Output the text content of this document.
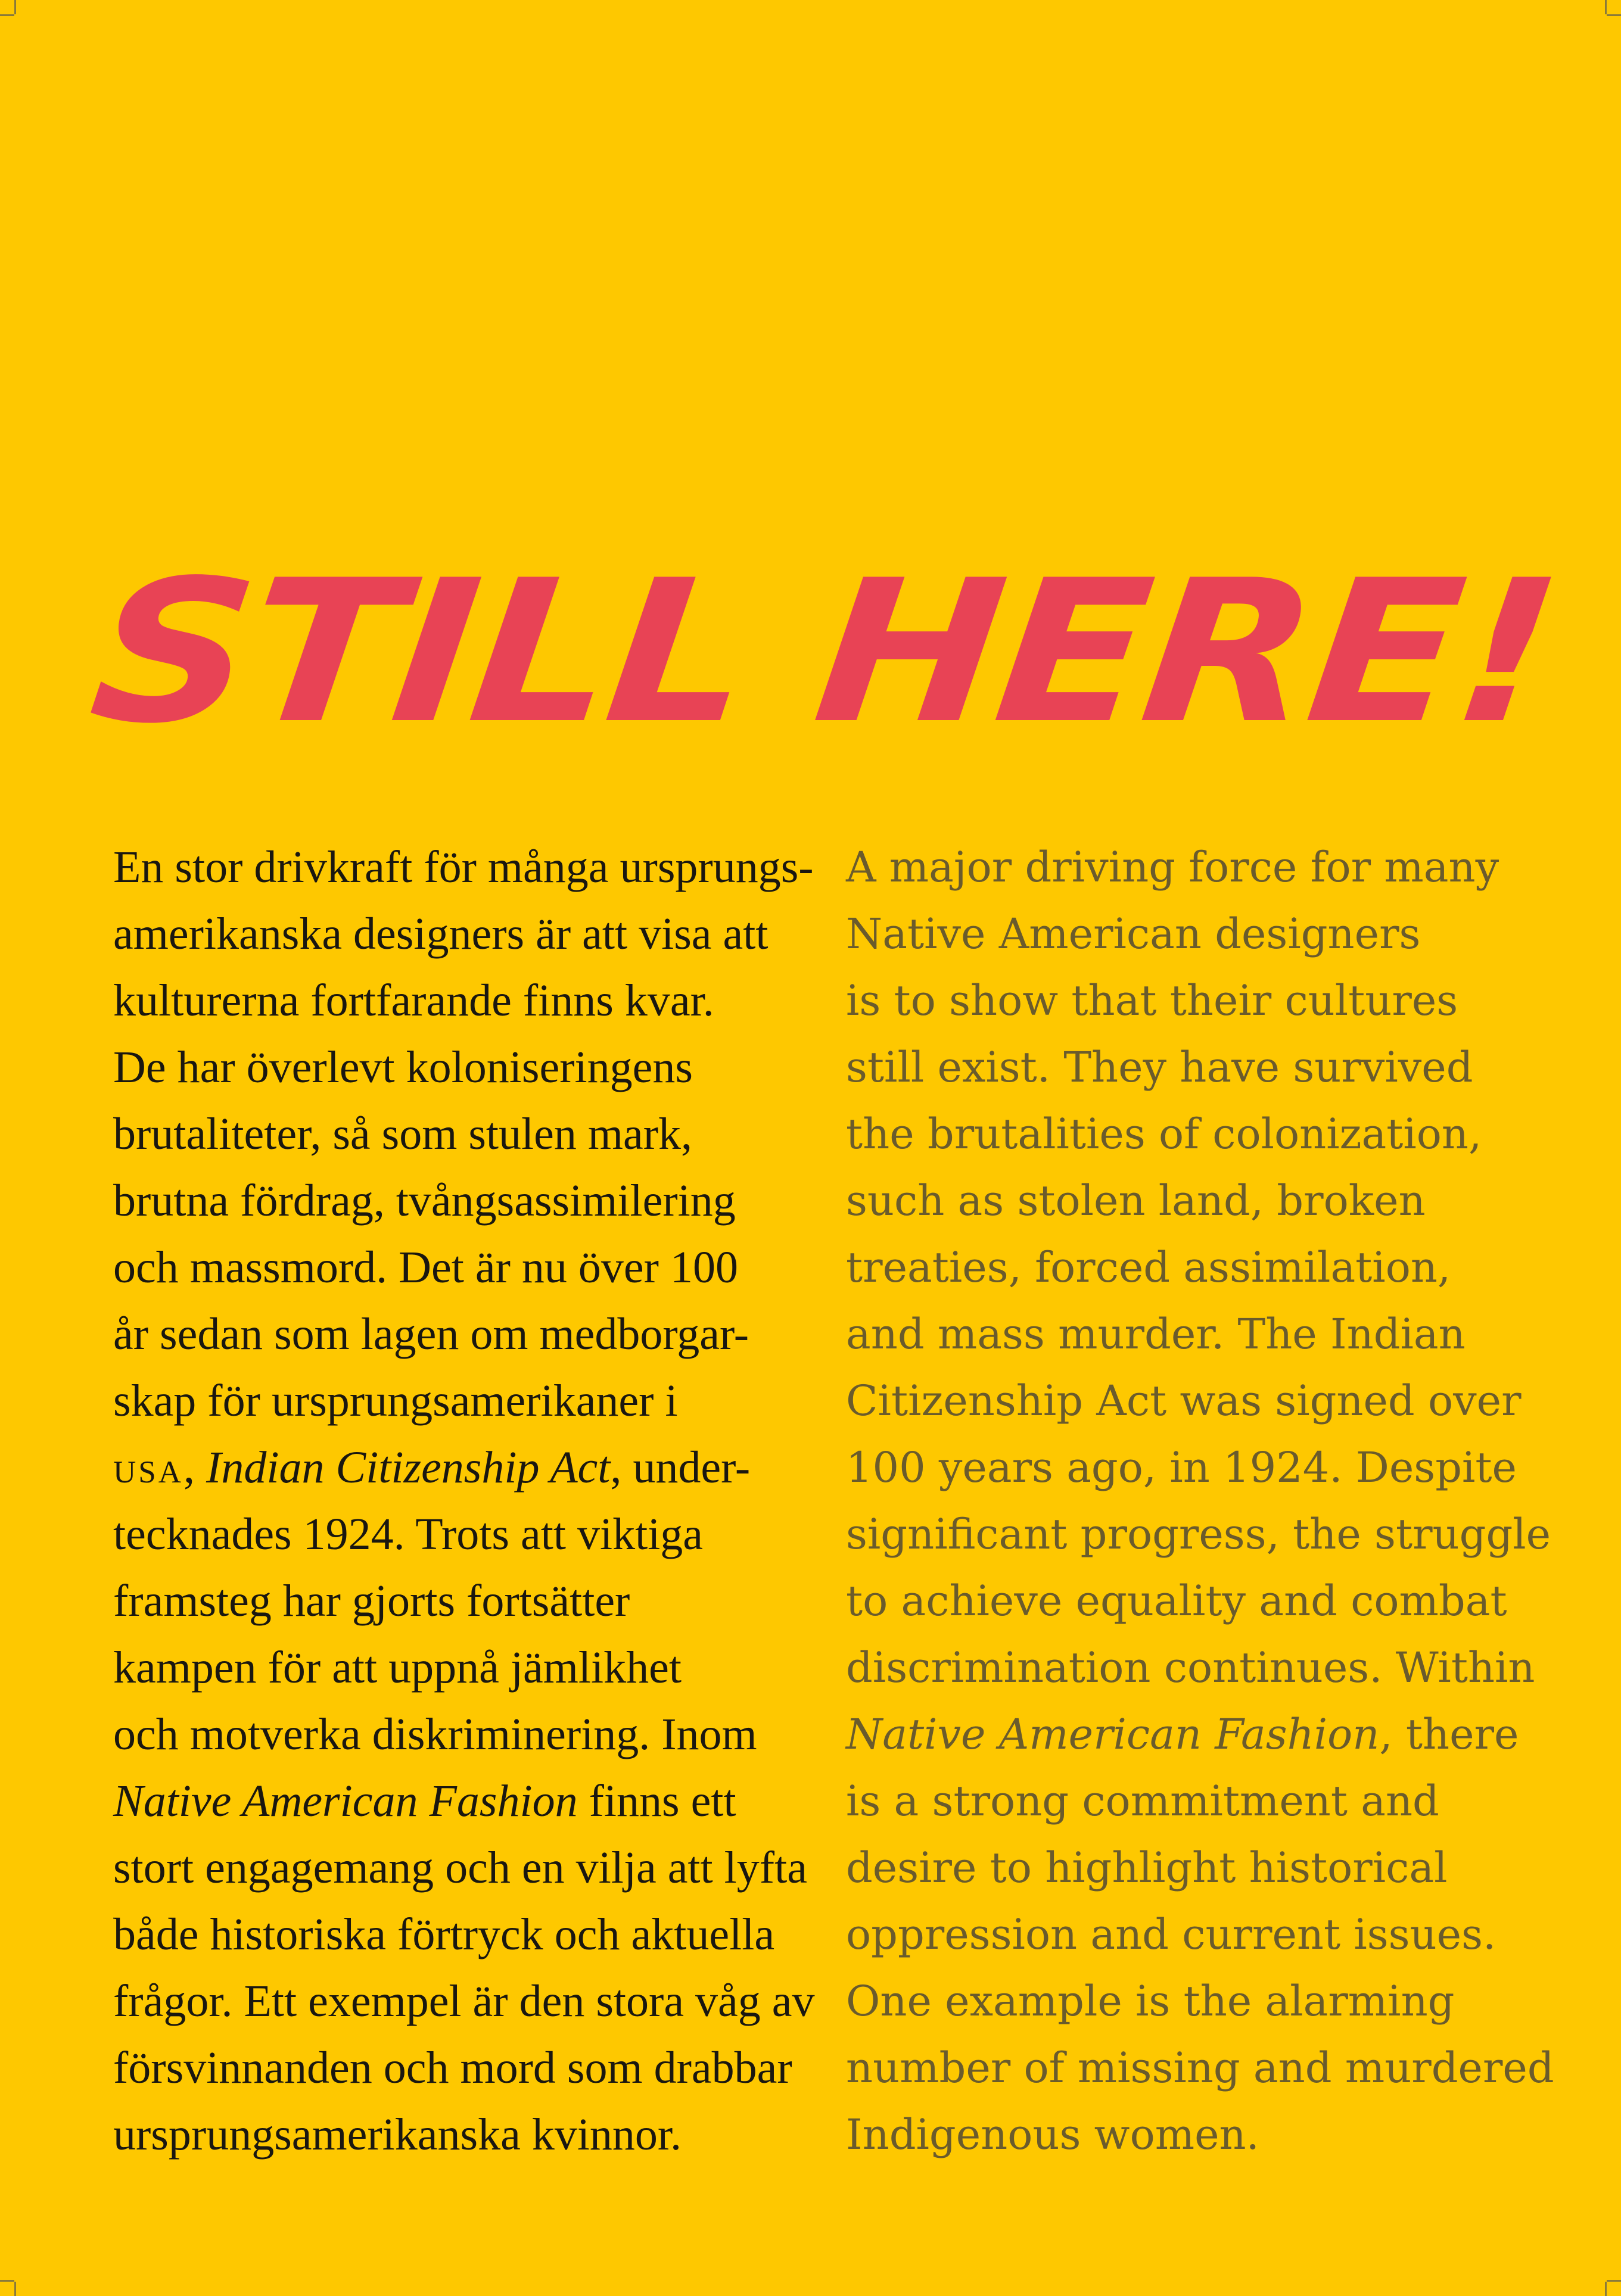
STILL HERE!
En stor drivkraft för många ursprungs-
amerikanska designers är att visa att
kulturerna fortfarande finns kvar.
De har överlevt koloniseringens
brutaliteter, så som stulen mark,
brutna fördrag, tvångsassimilering
och massmord. Det är nu över 100
år sedan som lagen om medborgar-
skap för ursprungsamerikaner i
usa, Indian Citizenship Act, under-
tecknades 1924. Trots att viktiga
framsteg har gjorts fortsätter
kampen för att uppnå jämlikhet
och motverka diskriminering. Inom
Native American Fashion finns ett
stort engagemang och en vilja att lyfta
både historiska förtryck och aktuella
frågor. Ett exempel är den stora våg av
försvinnanden och mord som drabbar
ursprungsamerikanska kvinnor.
A major driving force for many
Native American designers
is to show that their cultures
still exist. They have survived
the brutalities of colonization,
such as stolen land, broken
treaties, forced assimilation,
and mass murder. The Indian
Citizenship Act was signed over
100 years ago, in 1924. Despite
significant progress, the struggle
to achieve equality and combat
discrimination continues. Within
Native American Fashion, there
is a strong commitment and
desire to highlight historical
oppression and current issues.
One example is the alarming
number of missing and murdered
Indigenous women.
